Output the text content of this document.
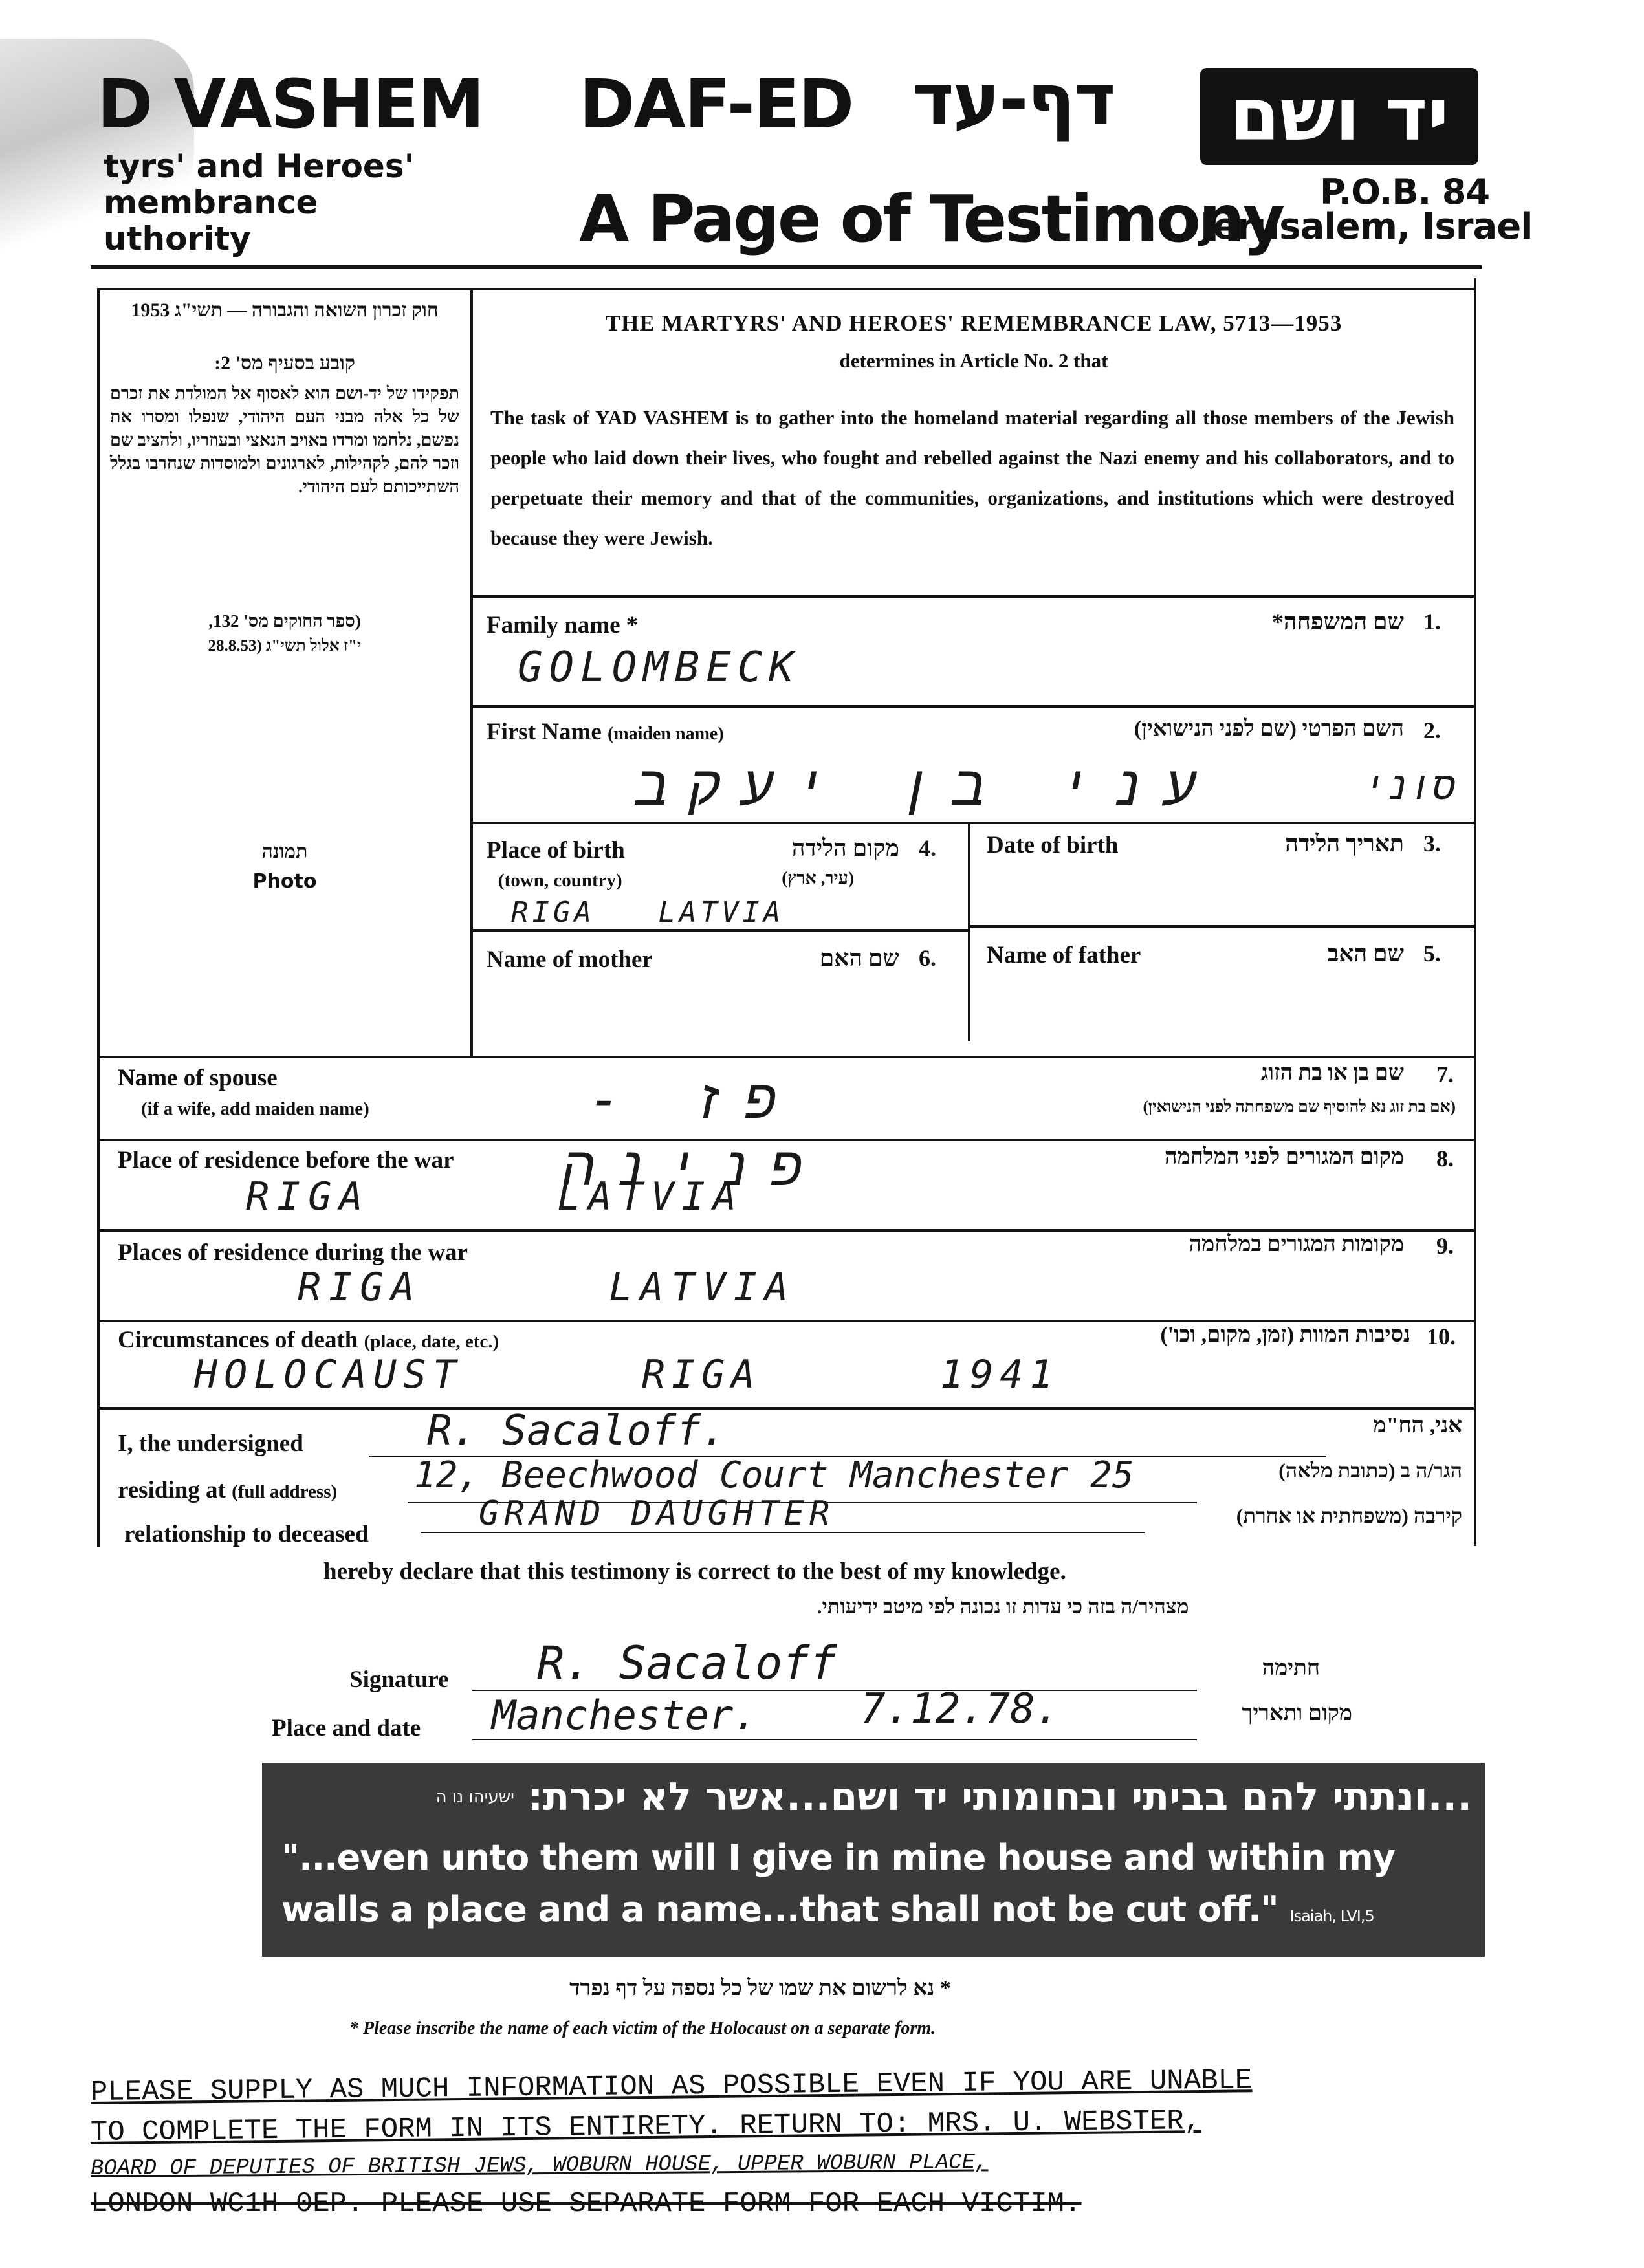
D VASHEM
tyrs' and Heroes'
membrance
uthority
DAF-ED דף-עד
A Page of Testimony
יד ושם
P.O.B. 84
Jerusalem, Israel
חוק זכרון השואה והגבורה — תשי"ג 1953
קובע בסעיף מס' 2:
תפקידו של יד-ושם הוא לאסוף אל המולדת את זכרם של כל אלה מבני העם היהודי, שנפלו ומסרו את נפשם, נלחמו ומרדו באויב הנאצי ובעוזריו, ולהציב שם וזכר להם, לקהילות, לארגונים ולמוסדות שנחרבו בגלל השתייכותם לעם היהודי.
(ספר החוקים מס' 132,
י"ז אלול תשי"ג (28.8.53
תמונה
Photo
THE MARTYRS' AND HEROES' REMEMBRANCE LAW, 5713—1953
determines in Article No. 2 that
The task of YAD VASHEM is to gather into the homeland material regarding all those members of the Jewish people who laid down their lives, who fought and rebelled against the Nazi enemy and his collaborators, and to perpetuate their memory and that of the communities, organizations, and institutions which were destroyed because they were Jewish.
Family name *	שם המשפחה* 1.
GOLOMBECK
First Name (maiden name)	השם הפרטי (שם לפני הנישואין) 2.
עני בן יעקב	סוני
Date of birth	תאריך הלידה 3.
Place of birth
(town, country)
מקום הלידה
(עיר, ארץ)
4.
RIGA   LATVIA
Name of father	שם האב 5.
Name of mother	שם האם 6.
Name of spouse
(if a wife, add maiden name)
שם בן או בת הזוג
(אם בת זוג נא להוסיף שם משפחתה לפני הנישואין)
7.
פז - פנינה
Place of residence before the war	מקום המגורים לפני המלחמה 8.
RIGA      LATVIA
Places of residence during the war	מקומות המגורים במלחמה 9.
RIGA      LATVIA
Circumstances of death (place, date, etc.)	נסיבות המוות (זמן, מקום, וכו') 10.
HOLOCAUST      RIGA      1941
I, the undersigned	R. Sacaloff.	אני, הח"מ
residing at (full address) 12, Beechwood Court Manchester 25	הגר/ה ב (כתובת מלאה)
relationship to deceased
GRAND DAUGHTER	קירבה (משפחתית או אחרת)
hereby declare that this testimony is correct to the best of my knowledge.
מצהיר/ה בזה כי עדות זו נכונה לפי מיטב ידיעותי.
Signature R. Sacaloff	חתימה
Place and date Manchester. 7.12.78.	מקום ותאריך
...ונתתי להם בביתי ובחומותי יד ושם...אשר לא יכרת:
ישעיהו נו ה
"...even unto them will I give in mine house and within my
walls a place and a name...that shall not be cut off." Isaiah, LVI,5
* נא לרשום את שמו של כל נספה על דף נפרד
* Please inscribe the name of each victim of the Holocaust on a separate form.
PLEASE SUPPLY AS MUCH INFORMATION AS POSSIBLE EVEN IF YOU ARE UNABLE
TO COMPLETE THE FORM IN ITS ENTIRETY. RETURN TO: MRS. U. WEBSTER,
BOARD OF DEPUTIES OF BRITISH JEWS, WOBURN HOUSE, UPPER WOBURN PLACE,
LONDON WC1H 0EP. PLEASE USE SEPARATE FORM FOR EACH VICTIM.
